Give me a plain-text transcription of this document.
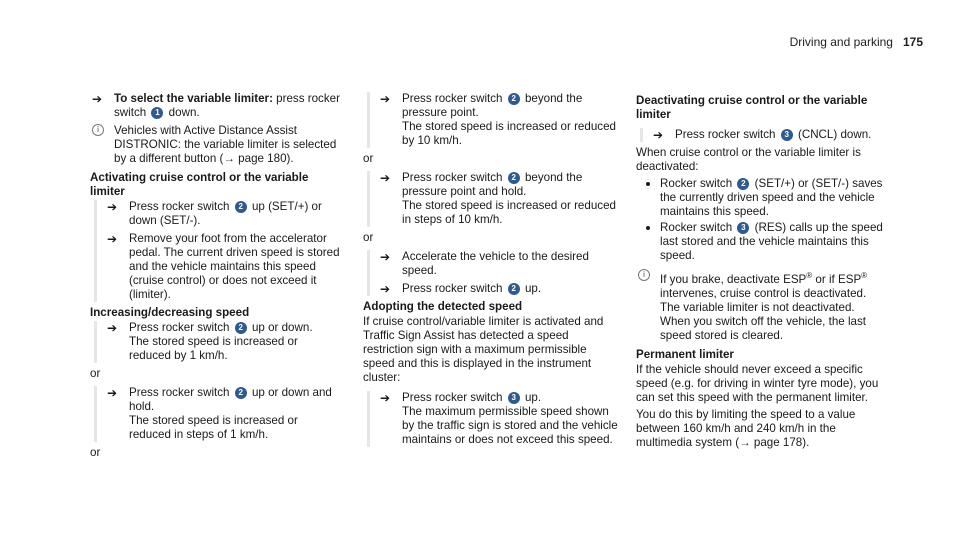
Driving and parking 175
➔ To select the variable limiter: press rocker switch 1 down.
i	Vehicles with Active Distance Assist DISTRONIC: the variable limiter is selected by a different button (→ page 180).
Activating cruise control or the variable limiter
➔ Press rocker switch 2 up (SET/+) or down (SET/-).
➔ Remove your foot from the accelerator pedal. The current driven speed is stored and the vehicle maintains this speed (cruise control) or does not exceed it (limiter).
Increasing/decreasing speed
➔ Press rocker switch 2 up or down.

The stored speed is increased or reduced by 1 km/h.

or
➔ Press rocker switch 2 up or down and hold.

The stored speed is increased or reduced in steps of 1 km/h.

or
➔ Press rocker switch 2 beyond the pressure point.

The stored speed is increased or reduced by 10 km/h.

or
➔ Press rocker switch 2 beyond the pressure point and hold.

The stored speed is increased or reduced in steps of 10 km/h.

or
➔ Accelerate the vehicle to the desired speed.
➔ Press rocker switch 2 up.
Adopting the detected speed

If cruise control/variable limiter is activated and Traffic Sign Assist has detected a speed restriction sign with a maximum permissible speed and this is displayed in the instrument cluster:

➔ Press rocker switch 3 up.

The maximum permissible speed shown by the traffic sign is stored and the vehicle maintains or does not exceed this speed.

Deactivating cruise control or the variable limiter
➔ Press rocker switch 3 (CNCL) down.

When cruise control or the variable limiter is deactivated:

Rocker switch 2 (SET/+) or (SET/-) saves the currently driven speed and the vehicle maintains this speed.
Rocker switch 3 (RES) calls up the speed last stored and the vehicle maintains this speed.
i	If you brake, deactivate ESP® or if ESP® intervenes, cruise control is deactivated. The variable limiter is not deactivated. When you switch off the vehicle, the last speed stored is cleared.
Permanent limiter

If the vehicle should never exceed a specific speed (e.g. for driving in winter tyre mode), you can set this speed with the permanent limiter.

You do this by limiting the speed to a value between 160 km/h and 240 km/h in the multimedia system (→ page 178).
